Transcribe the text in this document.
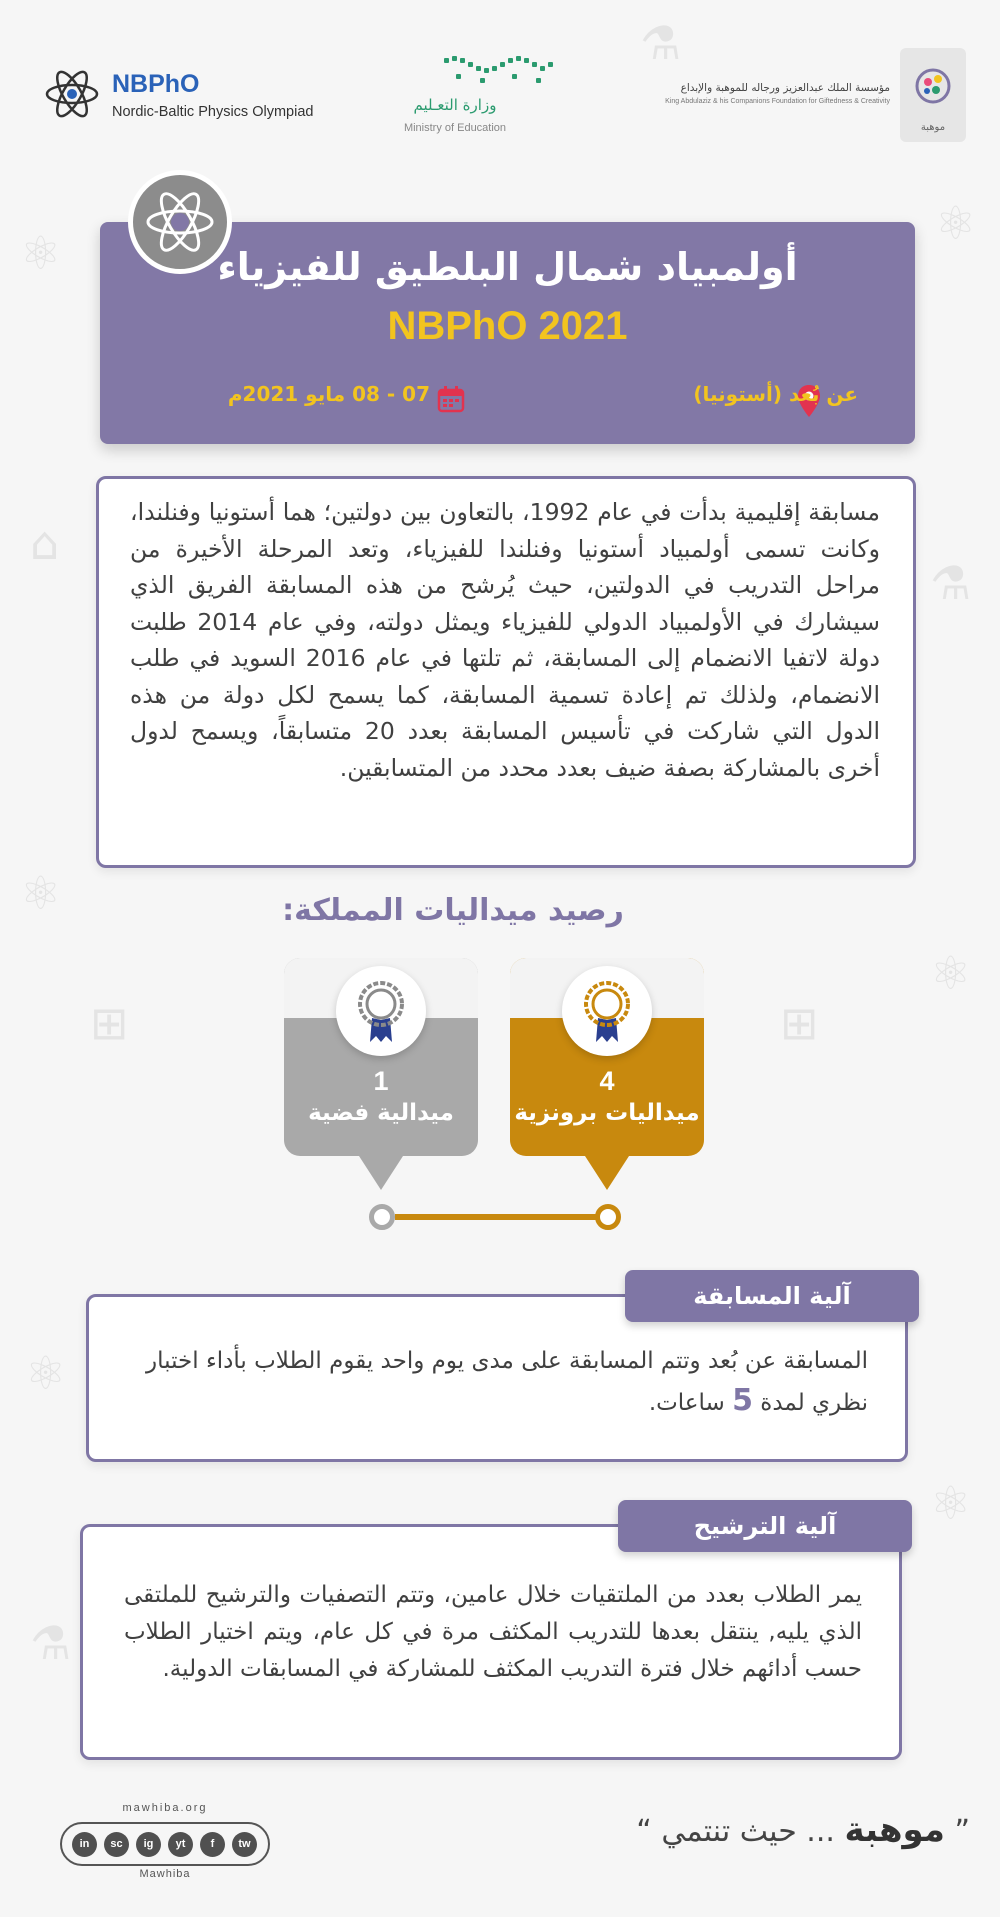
⚛
⌂
⚛
⚛
⚗
⚛
⚗
⚛
⚛
⊞
⊞
⚗
NBPhO
Nordic-Baltic Physics Olympiad	وزارة التعـليم
Ministry of Education
مؤسسة الملك عبدالعزيز ورجاله للموهبة والإبداع
King Abdulaziz & his Companions Foundation for Giftedness & Creativity
موهبة
أولمبياد شمال البلطيق للفيزياء
NBPhO 2021
عن بُعد (أستونيا)
07 - 08 مايو 2021م
مسابقة إقليمية بدأت في عام 1992، بالتعاون بين دولتين؛ هما أستونيا وفنلندا، وكانت تسمى أولمبياد أستونيا وفنلندا للفيزياء، وتعد المرحلة الأخيرة من مراحل التدريب في الدولتين، حيث يُرشح من هذه المسابقة الفريق الذي سيشارك في الأولمبياد الدولي للفيزياء ويمثل دولته، وفي عام 2014 طلبت دولة لاتفيا الانضمام إلى المسابقة، ثم تلتها في عام 2016 السويد في طلب الانضمام، ولذلك تم إعادة تسمية المسابقة، كما يسمح لكل دولة من هذه الدول التي شاركت في تأسيس المسابقة بعدد 20 متسابقاً، ويسمح لدول أخرى بالمشاركة بصفة ضيف بعدد محدد من المتسابقين.
رصيد ميداليات المملكة:
4
ميداليات برونزية
1
ميدالية فضية
آلية المسابقة
المسابقة عن بُعد وتتم المسابقة على مدى يوم واحد يقوم الطلاب بأداء اختبار نظري لمدة 5 ساعات.
آلية الترشيح
يمر الطلاب بعدد من الملتقيات خلال عامين، وتتم التصفيات والترشيح للملتقى الذي يليه, ينتقل بعدها للتدريب المكثف مرة في كل عام، ويتم اختيار الطلاب حسب أدائهم خلال فترة التدريب المكثف للمشاركة في المسابقات الدولية.
mawhiba.org
in	sc	ig	yt	f	tw
Mawhiba
” موهبة ... حيث تنتمي “
